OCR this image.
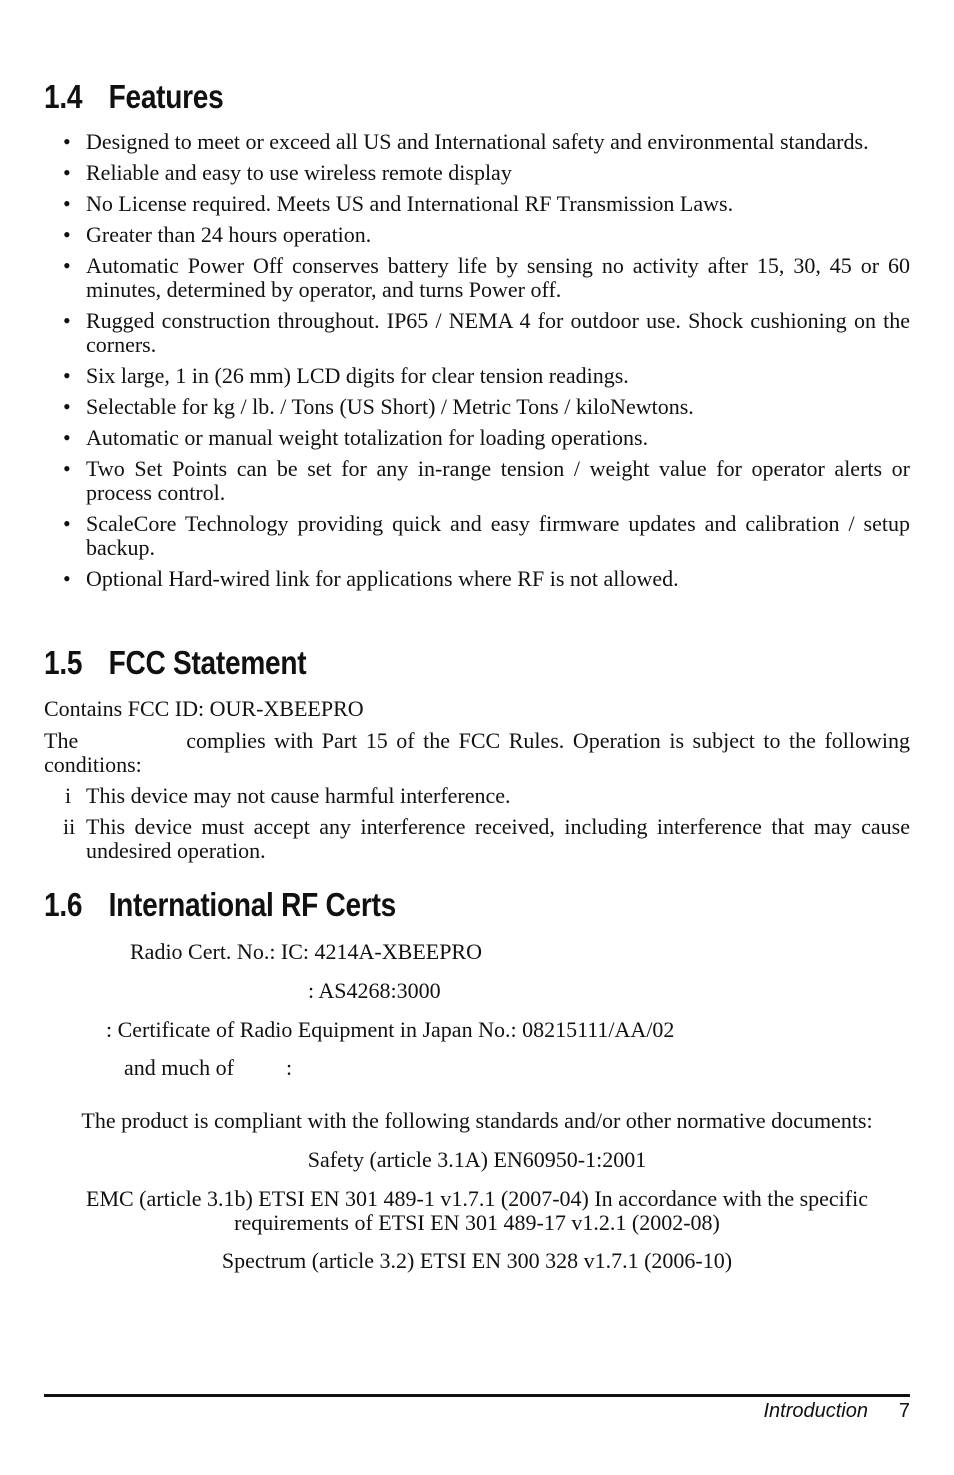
1.4 Features
• Designed to meet or exceed all US and International safety and environmental standards.
• Reliable and easy to use wireless remote display
• No License required. Meets US and International RF Transmission Laws.
• Greater than 24 hours operation.
• Automatic Power Off conserves battery life by sensing no activity after 15, 30, 45 or 60 minutes, determined by operator, and turns Power off.
• Rugged construction throughout. IP65 / NEMA 4 for outdoor use. Shock cushioning on the corners.
• Six large, 1 in (26 mm) LCD digits for clear tension readings.
• Selectable for kg / lb. / Tons (US Short) / Metric Tons / kiloNewtons.
• Automatic or manual weight totalization for loading operations.
• Two Set Points can be set for any in-range tension / weight value for operator alerts or process control.
• ScaleCore Technology providing quick and easy firmware updates and calibration / setup backup.
• Optional Hard-wired link for applications where RF is not allowed.
1.5 FCC Statement
Contains FCC ID: OUR-XBEEPRO
The	complies with Part 15 of the FCC Rules. Operation is subject to the following conditions:
i This device may not cause harmful interference.
ii This device must accept any interference received, including interference that may cause undesired operation.
1.6 International RF Certs
Radio Cert. No.: IC: 4214A-XBEEPRO
: AS4268:3000
: Certificate of Radio Equipment in Japan No.: 08215111/AA/02
and much of :
The product is compliant with the following standards and/or other normative documents:
Safety (article 3.1A) EN60950-1:2001
EMC (article 3.1b) ETSI EN 301 489-1 v1.7.1 (2007-04) In accordance with the specific
requirements of ETSI EN 301 489-17 v1.2.1 (2002-08)
Spectrum (article 3.2) ETSI EN 300 328 v1.7.1 (2006-10)
Introduction 7
